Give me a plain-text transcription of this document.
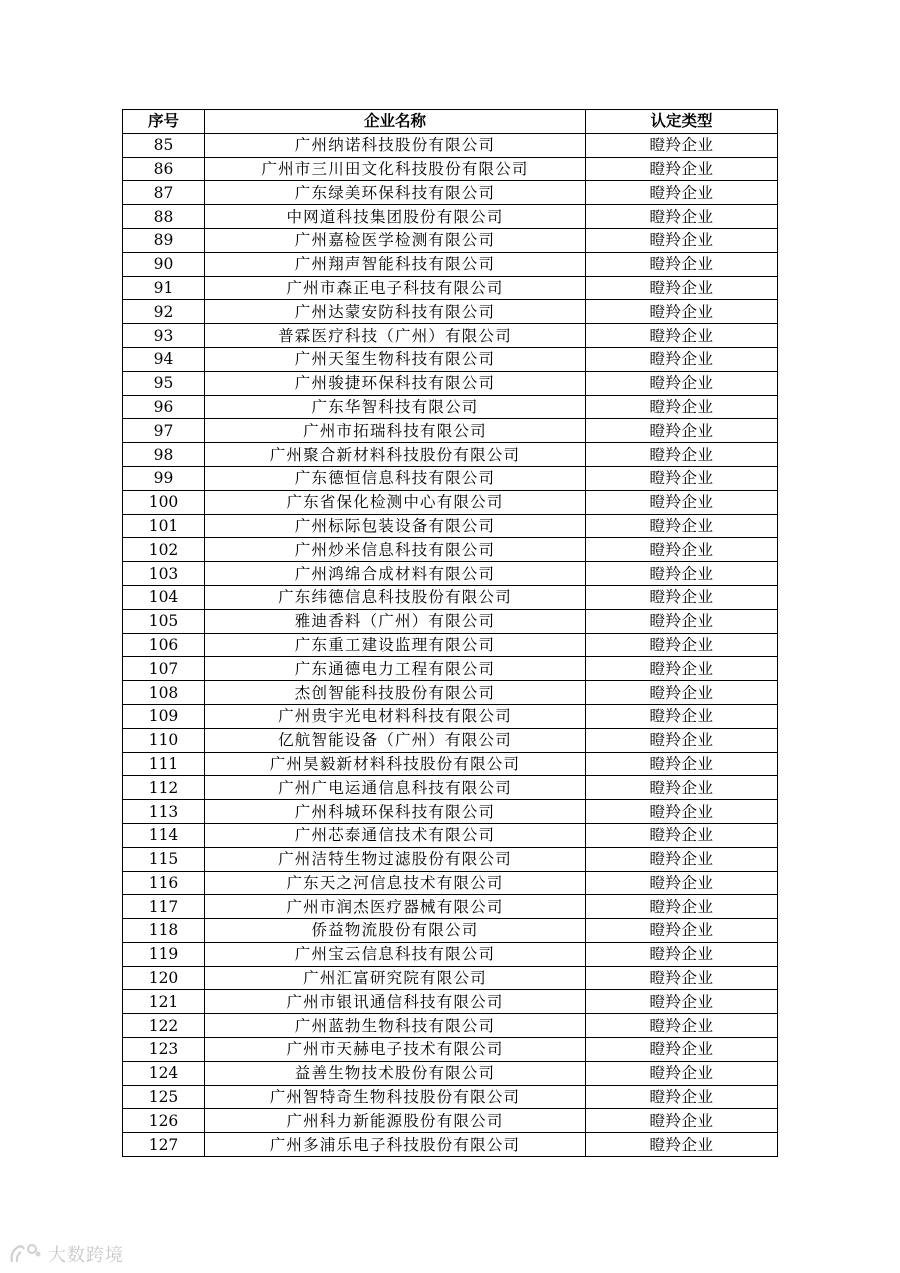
序号	企业名称	认定类型
85	广州纳诺科技股份有限公司	瞪羚企业
86	广州市三川田文化科技股份有限公司	瞪羚企业
87	广东绿美环保科技有限公司	瞪羚企业
88	中网道科技集团股份有限公司	瞪羚企业
89	广州嘉检医学检测有限公司	瞪羚企业
90	广州翔声智能科技有限公司	瞪羚企业
91	广州市森正电子科技有限公司	瞪羚企业
92	广州达蒙安防科技有限公司	瞪羚企业
93	普霖医疗科技（广州）有限公司	瞪羚企业
94	广州天玺生物科技有限公司	瞪羚企业
95	广州骏捷环保科技有限公司	瞪羚企业
96	广东华智科技有限公司	瞪羚企业
97	广州市拓瑞科技有限公司	瞪羚企业
98	广州聚合新材料科技股份有限公司	瞪羚企业
99	广东德恒信息科技有限公司	瞪羚企业
100	广东省保化检测中心有限公司	瞪羚企业
101	广州标际包装设备有限公司	瞪羚企业
102	广州炒米信息科技有限公司	瞪羚企业
103	广州鸿绵合成材料有限公司	瞪羚企业
104	广东纬德信息科技股份有限公司	瞪羚企业
105	雅迪香料（广州）有限公司	瞪羚企业
106	广东重工建设监理有限公司	瞪羚企业
107	广东通德电力工程有限公司	瞪羚企业
108	杰创智能科技股份有限公司	瞪羚企业
109	广州贵宇光电材料科技有限公司	瞪羚企业
110	亿航智能设备（广州）有限公司	瞪羚企业
111	广州昊毅新材料科技股份有限公司	瞪羚企业
112	广州广电运通信息科技有限公司	瞪羚企业
113	广州科城环保科技有限公司	瞪羚企业
114	广州芯泰通信技术有限公司	瞪羚企业
115	广州洁特生物过滤股份有限公司	瞪羚企业
116	广东天之河信息技术有限公司	瞪羚企业
117	广州市润杰医疗器械有限公司	瞪羚企业
118	侨益物流股份有限公司	瞪羚企业
119	广州宝云信息科技有限公司	瞪羚企业
120	广州汇富研究院有限公司	瞪羚企业
121	广州市银讯通信科技有限公司	瞪羚企业
122	广州蓝勃生物科技有限公司	瞪羚企业
123	广州市天赫电子技术有限公司	瞪羚企业
124	益善生物技术股份有限公司	瞪羚企业
125	广州智特奇生物科技股份有限公司	瞪羚企业
126	广州科力新能源股份有限公司	瞪羚企业
127	广州多浦乐电子科技股份有限公司	瞪羚企业
大数跨境
